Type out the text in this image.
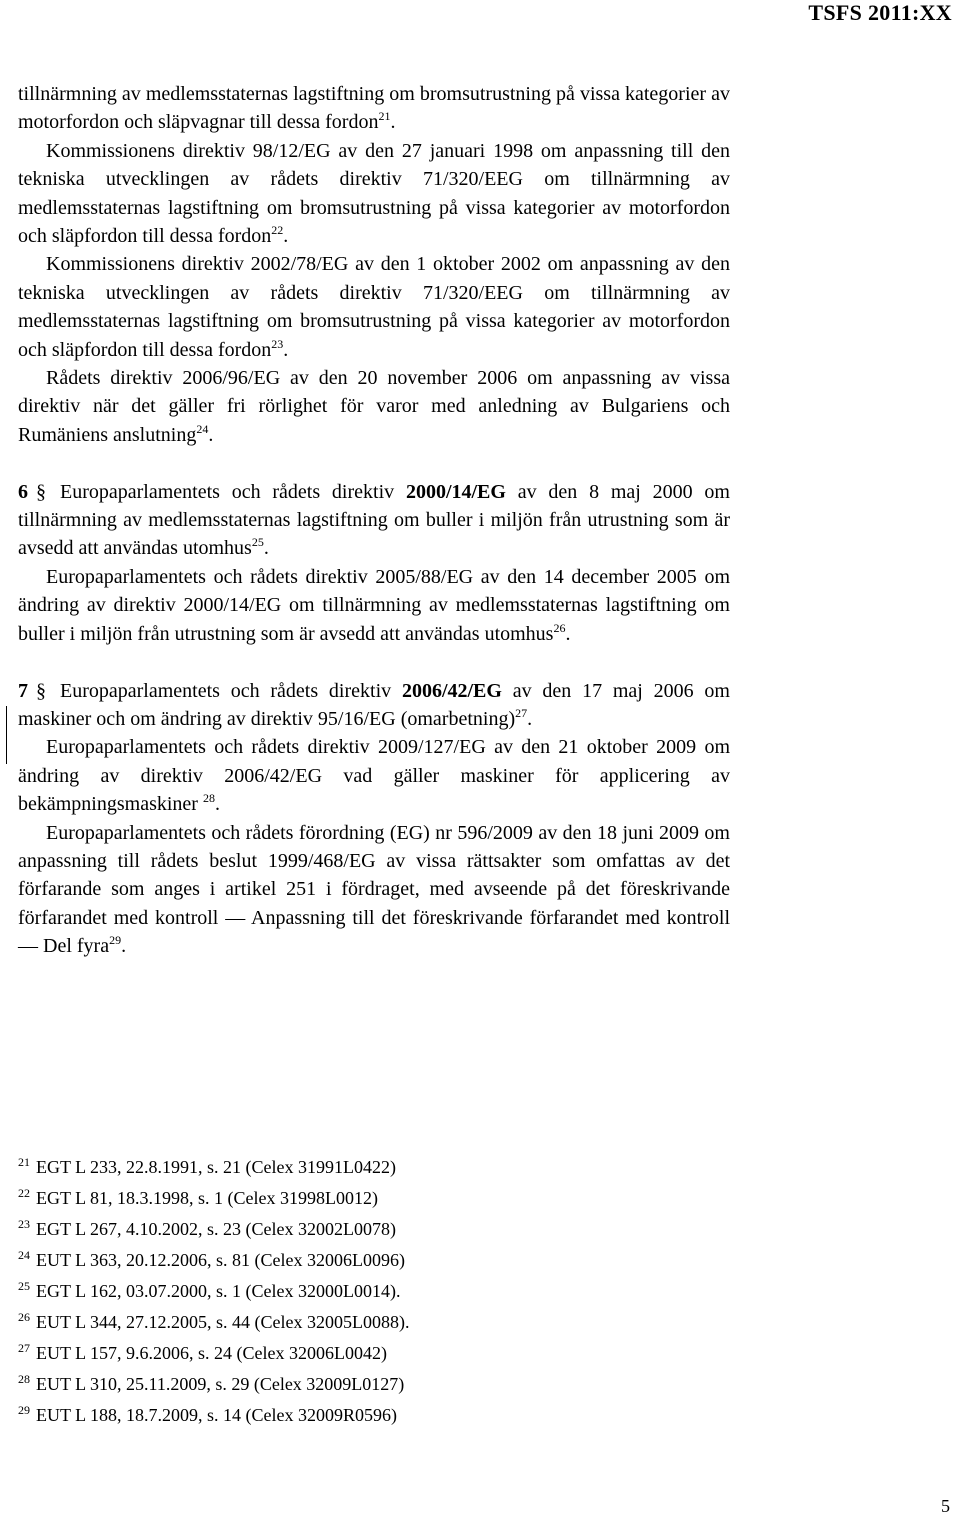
TSFS 2011:XX

tillnärmning av medlemsstaternas lagstiftning om bromsutrustning på vissa kategorier av motorfordon och släpvagnar till dessa fordon$^{21}$.

Kommissionens direktiv 98/12/EG av den 27 januari 1998 om anpassning till den tekniska utvecklingen av rådets direktiv 71/320/EEG om tillnärmning av medlemsstaternas lagstiftning om bromsutrustning på vissa kategorier av motorfordon och släpfordon till dessa fordon$^{22}$.

Kommissionens direktiv 2002/78/EG av den 1 oktober 2002 om anpassning av den tekniska utvecklingen av rådets direktiv 71/320/EEG om tillnärmning av medlemsstaternas lagstiftning om bromsutrustning på vissa kategorier av motorfordon och släpfordon till dessa fordon$^{23}$.

Rådets direktiv 2006/96/EG av den 20 november 2006 om anpassning av vissa direktiv när det gäller fri rörlighet för varor med anledning av Bulgariens och Rumäniens anslutning$^{24}$.

6 § Europaparlamentets och rådets direktiv 2000/14/EG av den 8 maj 2000 om tillnärmning av medlemsstaternas lagstiftning om buller i miljön från utrustning som är avsedd att användas utomhus$^{25}$.

Europaparlamentets och rådets direktiv 2005/88/EG av den 14 december 2005 om ändring av direktiv 2000/14/EG om tillnärmning av medlemsstaternas lagstiftning om buller i miljön från utrustning som är avsedd att användas utomhus$^{26}$.

7 § Europaparlamentets och rådets direktiv 2006/42/EG av den 17 maj 2006 om maskiner och om ändring av direktiv 95/16/EG (omarbetning)$^{27}$.

Europaparlamentets och rådets direktiv 2009/127/EG av den 21 oktober 2009 om ändring av direktiv 2006/42/EG vad gäller maskiner för applicering av bekämpningsmaskiner $^{28}$.

Europaparlamentets och rådets förordning (EG) nr 596/2009 av den 18 juni 2009 om anpassning till rådets beslut 1999/468/EG av vissa rättsakter som omfattas av det förfarande som anges i artikel 251 i fördraget, med avseende på det föreskrivande förfarandet med kontroll — Anpassning till det föreskrivande förfarandet med kontroll — Del fyra$^{29}$.

$^{21}$ EGT L 233, 22.8.1991, s. 21 (Celex 31991L0422)
$^{22}$ EGT L 81, 18.3.1998, s. 1 (Celex 31998L0012)
$^{23}$ EGT L 267, 4.10.2002, s. 23 (Celex 32002L0078)
$^{24}$ EUT L 363, 20.12.2006, s. 81 (Celex 32006L0096)
$^{25}$ EGT L 162, 03.07.2000, s. 1 (Celex 32000L0014).
$^{26}$ EUT L 344, 27.12.2005, s. 44 (Celex 32005L0088).
$^{27}$ EUT L 157, 9.6.2006, s. 24 (Celex 32006L0042)
$^{28}$ EUT L 310, 25.11.2009, s. 29 (Celex 32009L0127)
$^{29}$ EUT L 188, 18.7.2009, s. 14 (Celex 32009R0596)
5
